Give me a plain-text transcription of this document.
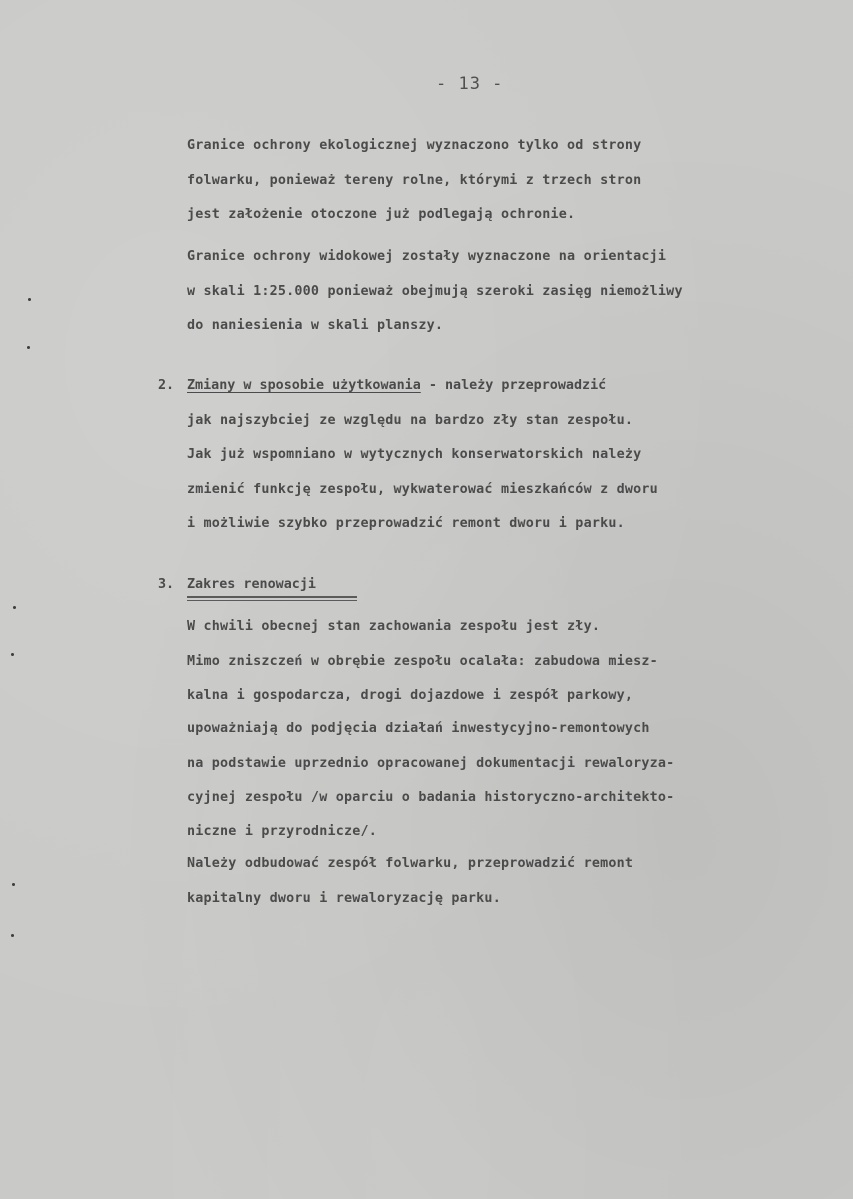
- 13 -
Granice ochrony ekologicznej wyznaczono tylko od strony
folwarku, ponieważ tereny rolne, którymi z trzech stron
jest założenie otoczone już podlegają ochronie.
Granice ochrony widokowej zostały wyznaczone na orientacji
w skali 1:25.000 ponieważ obejmują szeroki zasięg niemożliwy
do naniesienia w skali planszy.
2. Zmiany w sposobie użytkowania - należy przeprowadzić
jak najszybciej ze względu na bardzo zły stan zespołu.
Jak już wspomniano w wytycznych konserwatorskich należy
zmienić funkcję zespołu, wykwaterować mieszkańców z dworu
i możliwie szybko przeprowadzić remont dworu i parku.
3. Zakres renowacji
W chwili obecnej stan zachowania zespołu jest zły.
Mimo zniszczeń w obrębie zespołu ocalała: zabudowa miesz-
kalna i gospodarcza, drogi dojazdowe i zespół parkowy,
upoważniają do podjęcia działań inwestycyjno-remontowych
na podstawie uprzednio opracowanej dokumentacji rewaloryza-
cyjnej zespołu /w oparciu o badania historyczno-architekto-
niczne i przyrodnicze/.
Należy odbudować zespół folwarku, przeprowadzić remont
kapitalny dworu i rewaloryzację parku.
